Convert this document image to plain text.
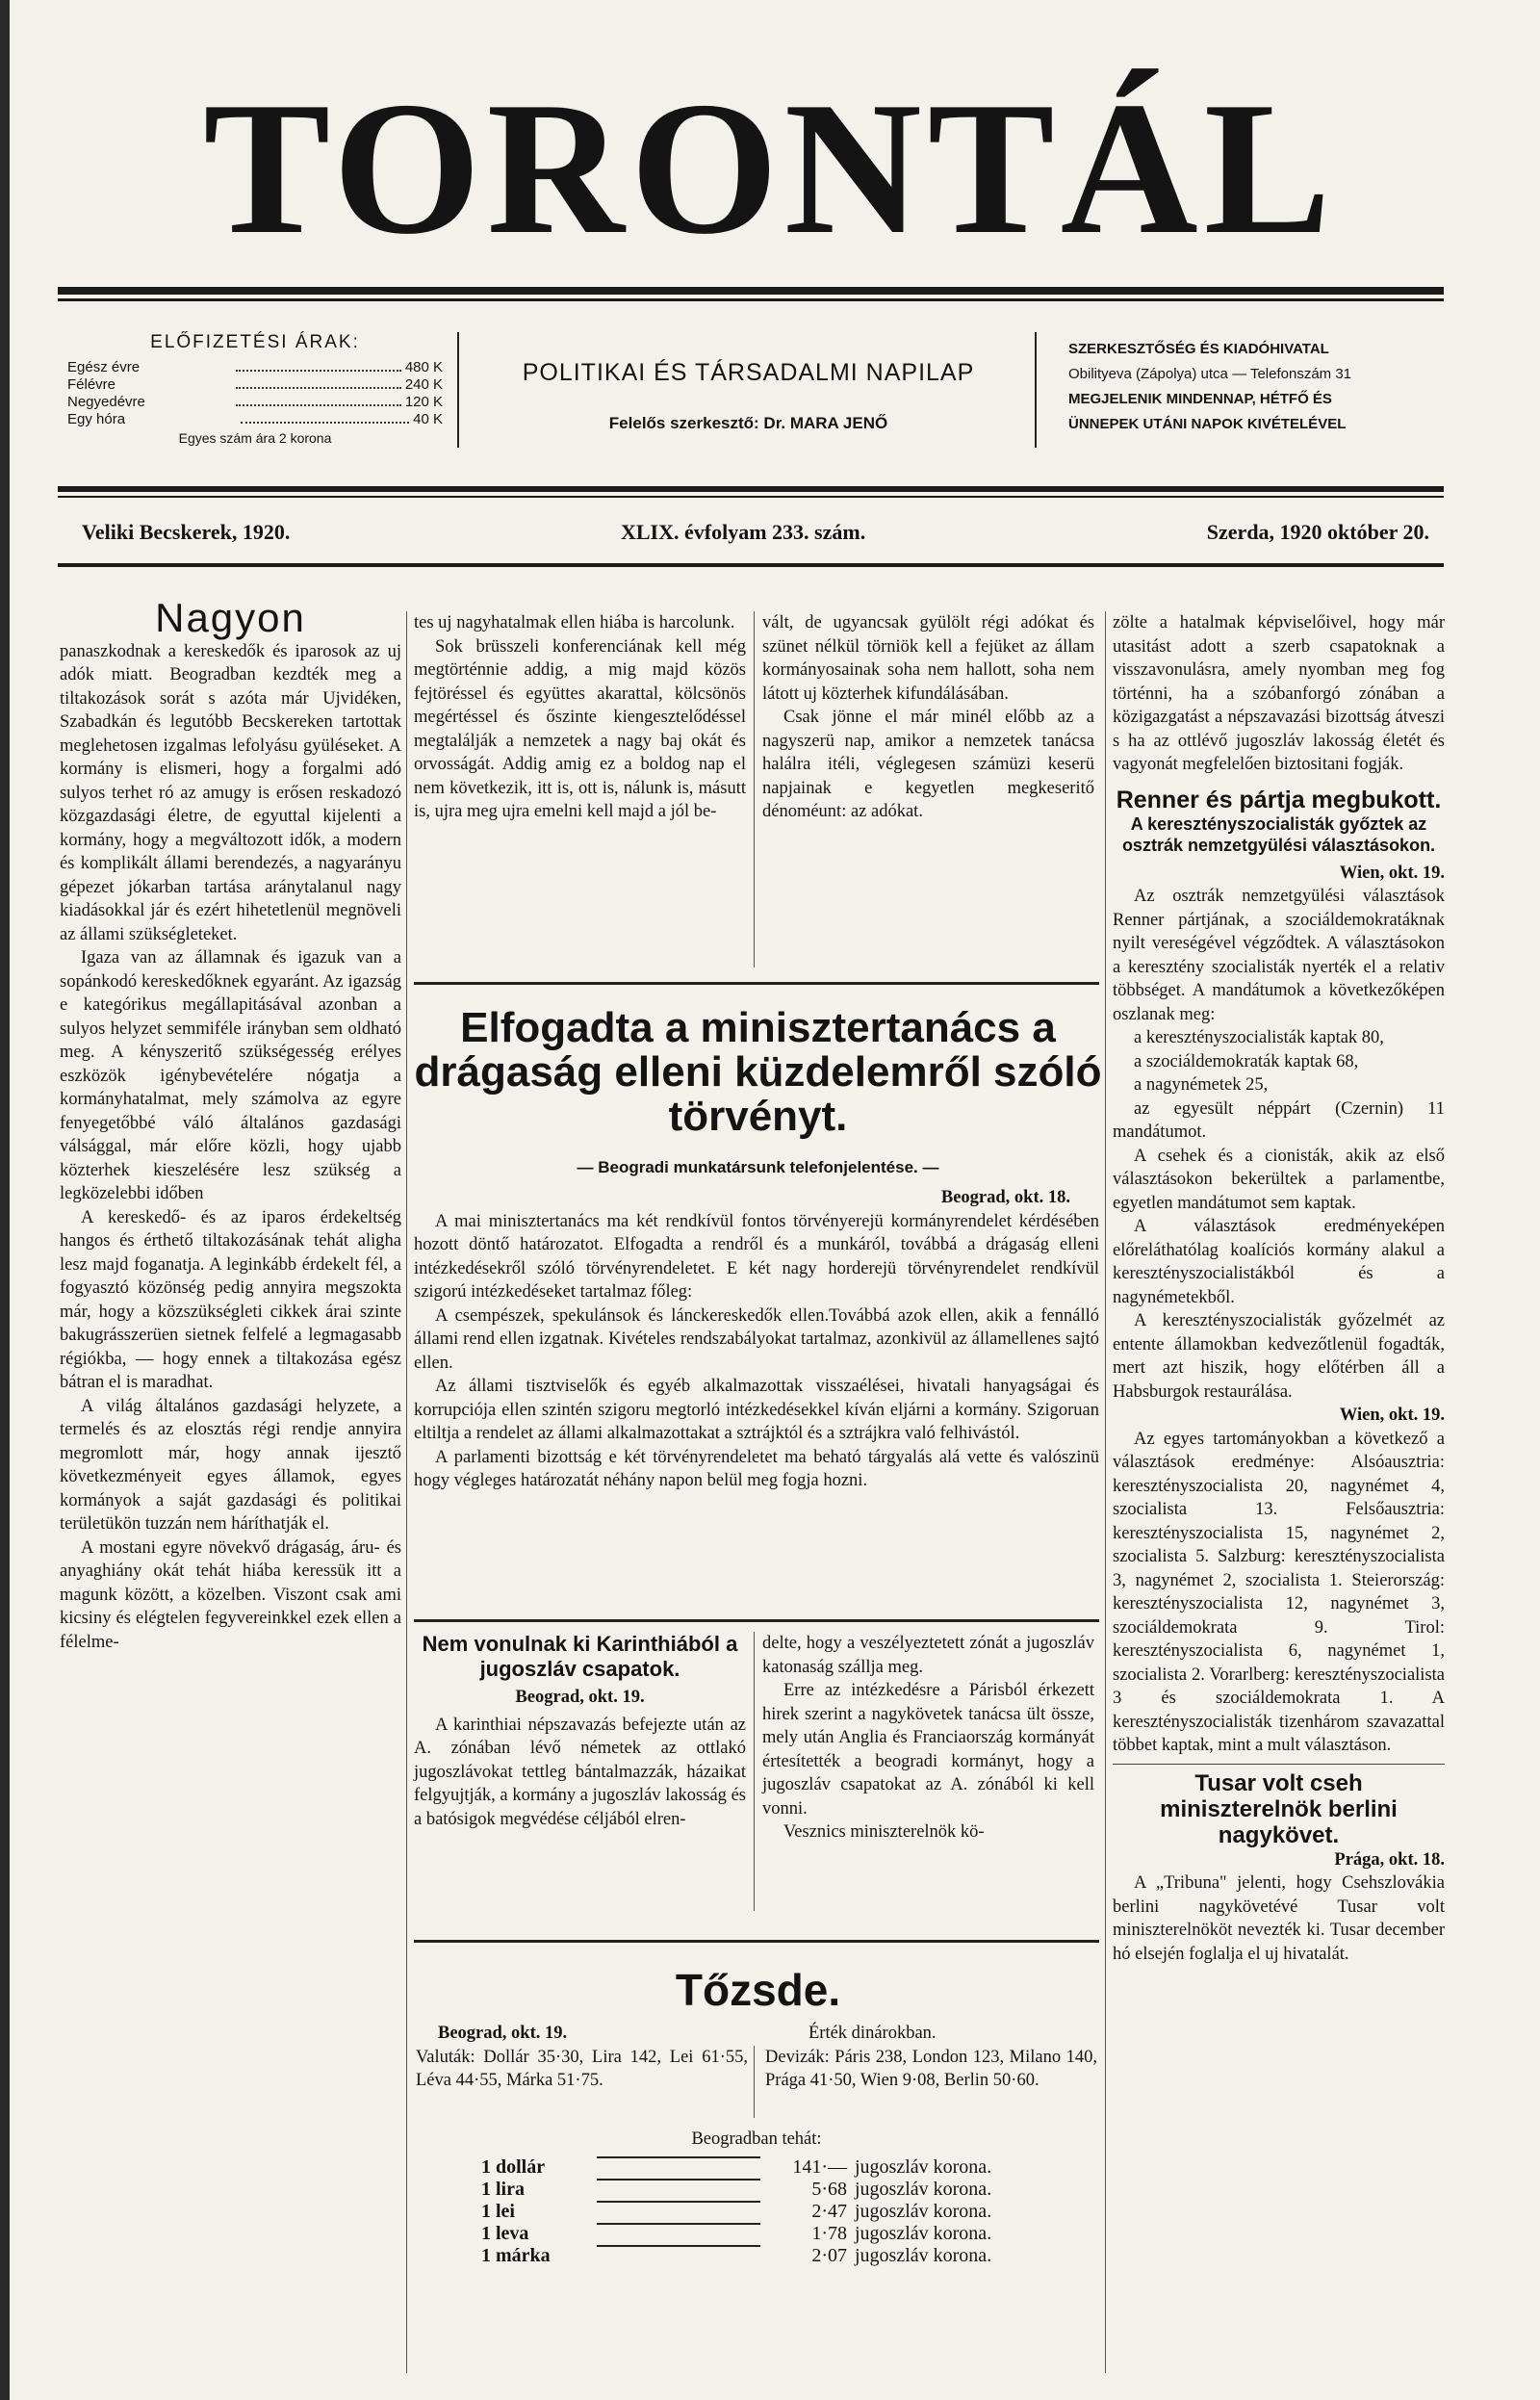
TORONTÁL
ELŐFIZETÉSI ÁRAK:
Egész évre	480 K
Félévre	240 K
Negyedévre	120 K
Egy hóra	40 K
Egyes szám ára 2 korona
POLITIKAI ÉS TÁRSADALMI NAPILAP
Felelős szerkesztő: Dr. MARA JENŐ
SZERKESZTŐSÉG ÉS KIADÓHIVATAL
Obilityeva (Zápolya) utca — Telefonszám 31
MEGJELENIK MINDENNAP, HÉTFŐ ÉS
ÜNNEPEK UTÁNI NAPOK KIVÉTELÉVEL
Veliki Becskerek, 1920.	XLIX. évfolyam 233. szám.	Szerda, 1920 október 20.
Nagyon

panaszkodnak a kereskedők és iparosok az uj adók miatt. Beogradban kezdték meg a tiltakozások sorát s azóta már Ujvidéken, Szabadkán és legutóbb Becskereken tartottak meglehetosen izgalmas lefolyásu gyüléseket. A kormány is elismeri, hogy a forgalmi adó sulyos terhet ró az amugy is erősen reskadozó közgazdasági életre, de egyuttal kijelenti a kormány, hogy a megváltozott idők, a modern és komplikált állami berendezés, a nagyarányu gépezet jókarban tartása aránytalanul nagy kiadásokkal jár és ezért hihetetlenül megnöveli az állami szükségleteket.

Igaza van az államnak és igazuk van a sopánkodó kereskedőknek egyaránt. Az igazság e kategórikus megállapitásával azonban a sulyos helyzet semmiféle irányban sem oldható meg. A kényszeritő szükségesség erélyes eszközök igénybevételére nógatja a kormányhatalmat, mely számolva az egyre fenyegetőbbé váló általános gazdasági válsággal, már előre közli, hogy ujabb közterhek kieszelésére lesz szükség a legközelebbi időben

A kereskedő- és az iparos érdekeltség hangos és érthető tiltakozásának tehát aligha lesz majd foganatja. A leginkább érdekelt fél, a fogyasztó közönség pedig annyira megszokta már, hogy a közszükségleti cikkek árai szinte bakugrásszerüen sietnek felfelé a legmagasabb régiókba, — hogy ennek a tiltakozása egész bátran el is maradhat.

A világ általános gazdasági helyzete, a termelés és az elosztás régi rendje annyira megromlott már, hogy annak ijesztő következményeit egyes államok, egyes kormányok a saját gazdasági és politikai területükön tuzzán nem háríthatják el.

A mostani egyre növekvő drágaság, áru- és anyaghiány okát tehát hiába keressük itt a magunk között, a közelben. Viszont csak ami kicsiny és elégtelen fegyvereinkkel ezek ellen a félelme-

tes uj nagyhatalmak ellen hiába is harcolunk.

Sok brüsszeli konferenciának kell még megtörténnie addig, a mig majd közös fejtöréssel és együttes akarattal, kölcsönös megértéssel és őszinte kiengesztelődéssel megtalálják a nemzetek a nagy baj okát és orvosságát. Addig amig ez a boldog nap el nem következik, itt is, ott is, nálunk is, másutt is, ujra meg ujra emelni kell majd a jól be-

vált, de ugyancsak gyülölt régi adókat és szünet nélkül törniök kell a fejüket az állam kormányosainak soha nem hallott, soha nem látott uj közterhek kifundálásában.

Csak jönne el már minél előbb az a nagyszerü nap, amikor a nemzetek tanácsa halálra itéli, véglegesen számüzi keserü napjainak e kegyetlen megkeseritő dénoméunt: az adókat.

zölte a hatalmak képviselőivel, hogy már utasitást adott a szerb csapatoknak a visszavonulásra, amely nyomban meg fog történni, ha a szóbanforgó zónában a közigazgatást a népszavazási bizottság átveszi s ha az ottlévő jugoszláv lakosság életét és vagyonát megfelelően biztositani fogják.

Renner és pártja megbukott.
A keresztényszocialisták győztek az osztrák nemzetgyülési választásokon.

Wien, okt. 19.

Az osztrák nemzetgyülési választások Renner pártjának, a szociáldemokratáknak nyilt vereségével végződtek. A választásokon a keresztény szocialisták nyerték el a relativ többséget. A mandátumok a következőképen oszlanak meg:

a keresztényszocialisták kaptak 80,

a szociáldemokraták kaptak 68,

a nagynémetek 25,

az egyesült néppárt (Czernin) 11 mandátumot.

A csehek és a cionisták, akik az első választásokon bekerültek a parlamentbe, egyetlen mandátumot sem kaptak.

A választások eredményeképen előreláthatólag koalíciós kormány alakul a keresztényszocialistákból és a nagynémetekből.

A keresztényszocialisták győzelmét az entente államokban kedvezőtlenül fogadták, mert azt hiszik, hogy előtérben áll a Habsburgok restaurálása.

Wien, okt. 19.

Az egyes tartományokban a következő a választások eredménye: Alsóausztria: keresztényszocialista 20, nagynémet 4, szocialista 13. Felsőausztria: keresztényszocialista 15, nagynémet 2, szocialista 5. Salzburg: keresztényszocialista 3, nagynémet 2, szocialista 1. Steierország: keresztényszocialista 12, nagynémet 3, szociáldemokrata 9. Tirol: keresztényszocialista 6, nagynémet 1, szocialista 2. Vorarlberg: keresztényszocialista 3 és szociáldemokrata 1. A keresztényszocialisták tizenhárom szavazattal többet kaptak, mint a mult választáson.

Tusar volt cseh miniszterelnök berlini nagykövet.

Prága, okt. 18.

A „Tribuna" jelenti, hogy Csehszlovákia berlini nagykövetévé Tusar volt miniszterelnököt nevezték ki. Tusar december hó elsején foglalja el uj hivatalát.

Elfogadta a minisztertanács a drágaság elleni küzdelemről szóló törvényt.
— Beogradi munkatársunk telefonjelentése. —

Beograd, okt. 18.

A mai minisztertanács ma két rendkívül fontos törvényerejü kormányrendelet kérdésében hozott döntő határozatot. Elfogadta a rendről és a munkáról, továbbá a drágaság elleni intézkedésekről szóló törvényrendeletet. E két nagy horderejü törvényrendelet rendkívül szigorú intézkedéseket tartalmaz főleg:

A csempészek, spekulánsok és lánckereskedők ellen.Továbbá azok ellen, akik a fennálló állami rend ellen izgatnak. Kivételes rendszabályokat tartalmaz, azonkivül az államellenes sajtó ellen.

Az állami tisztviselők és egyéb alkalmazottak visszaélései, hivatali hanyagságai és korrupciója ellen szintén szigoru megtorló intézkedésekkel kíván eljárni a kormány. Szigoruan eltiltja a rendelet az állami alkalmazottakat a sztrájktól és a sztrájkra való felhivástól.

A parlamenti bizottság e két törvényrendeletet ma beható tárgyalás alá vette és valószinü hogy végleges határozatát néhány napon belül meg fogja hozni.

Nem vonulnak ki Karinthiából a jugoszláv csapatok.

Beograd, okt. 19.

A karinthiai népszavazás befejezte után az A. zónában lévő németek az ottlakó jugoszlávokat tettleg bántalmazzák, házaikat felgyujtják, a kormány a jugoszláv lakosság és a batósigok megvédése céljából elren-

delte, hogy a veszélyeztetett zónát a jugoszláv katonaság szállja meg.

Erre az intézkedésre a Párisból érkezett hirek szerint a nagykövetek tanácsa ült össze, mely után Anglia és Franciaország kormányát értesítették a beogradi kormányt, hogy a jugoszláv csapatokat az A. zónából ki kell vonni.

Vesznics miniszterelnök kö-

Tőzsde.
Beograd, okt. 19.	Érték dinárokban.
Valuták: Dollár 35·30, Lira 142, Lei 61·55, Léva 44·55, Márka 51·75.
Devizák: Páris 238, London 123, Milano 140, Prága 41·50, Wien 9·08, Berlin 50·60.
Beogradban tehát:
1 dollár	141·— jugoszláv korona.
1 lira	5·68 jugoszláv korona.
1 lei	2·47 jugoszláv korona.
1 leva	1·78 jugoszláv korona.
1 márka	2·07 jugoszláv korona.
